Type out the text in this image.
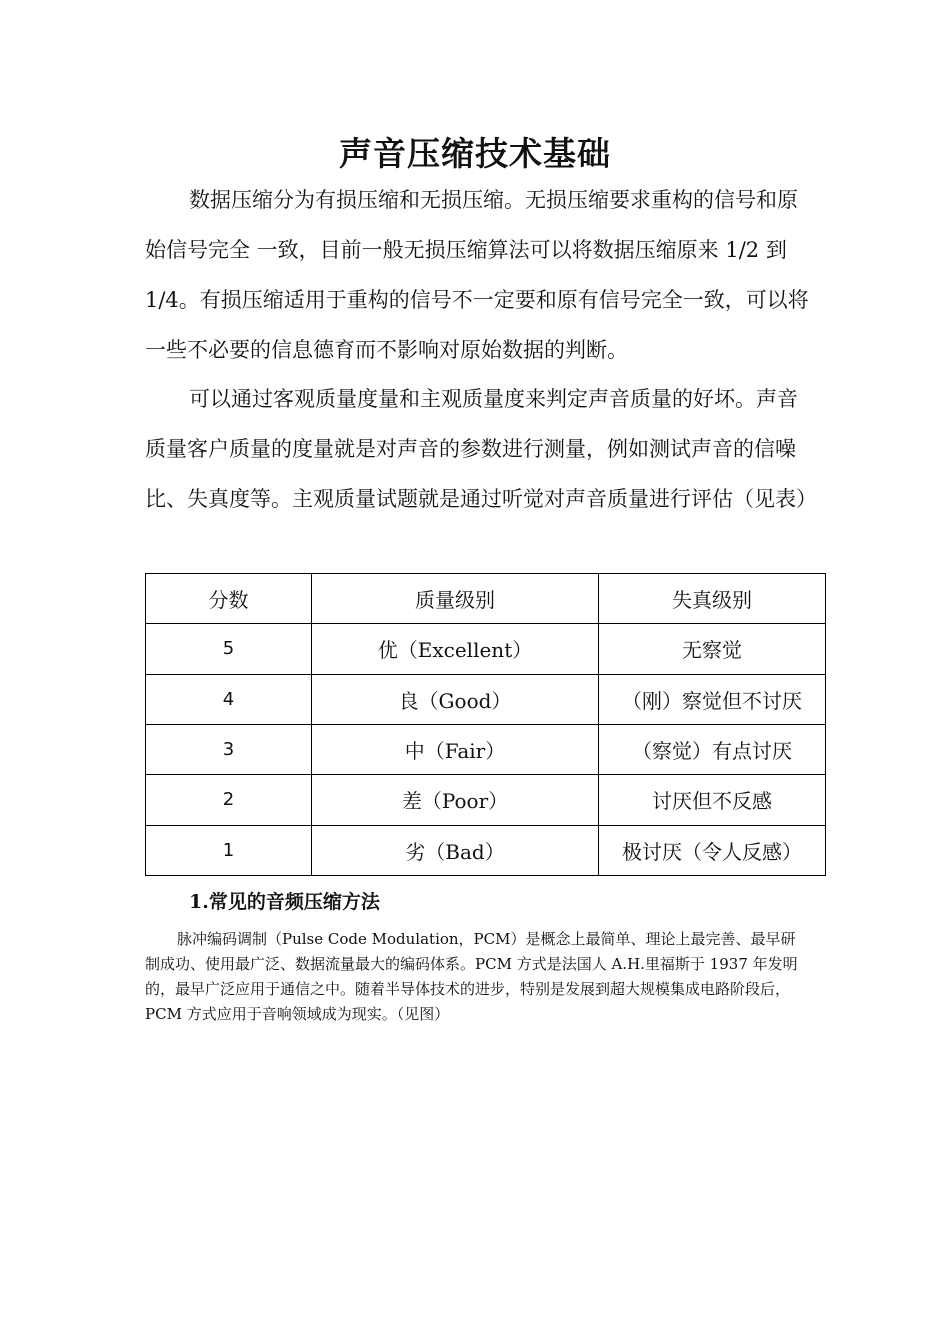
声音压缩技术基础

数据压缩分为有损压缩和无损压缩。无损压缩要求重构的信号和原始信号完全 一致，目前一般无损压缩算法可以将数据压缩原来 1/2 到 1/4。有损压缩适用于重构的信号不一定要和原有信号完全一致，可以将一些不必要的信息德育而不影响对原始数据的判断。

可以通过客观质量度量和主观质量度来判定声音质量的好坏。声音质量客户质量的度量就是对声音的参数进行测量，例如测试声音的信噪比、失真度等。主观质量试题就是通过听觉对声音质量进行评估（见表）

分数	质量级别	失真级别
5	优（Excellent）	无察觉
4	良（Good）	（刚）察觉但不讨厌
3	中（Fair）	（察觉）有点讨厌
2	差（Poor）	讨厌但不反感
1	劣（Bad）	极讨厌（令人反感）
1.常见的音频压缩方法

脉冲编码调制（Pulse Code Modulation，PCM）是概念上最简单、理论上最完善、最早研制成功、使用最广泛、数据流量最大的编码体系。PCM 方式是法国人 A.H.里福斯于 1937 年发明的，最早广泛应用于通信之中。随着半导体技术的进步，特别是发展到超大规模集成电路阶段后，PCM 方式应用于音响领域成为现实。（见图）
